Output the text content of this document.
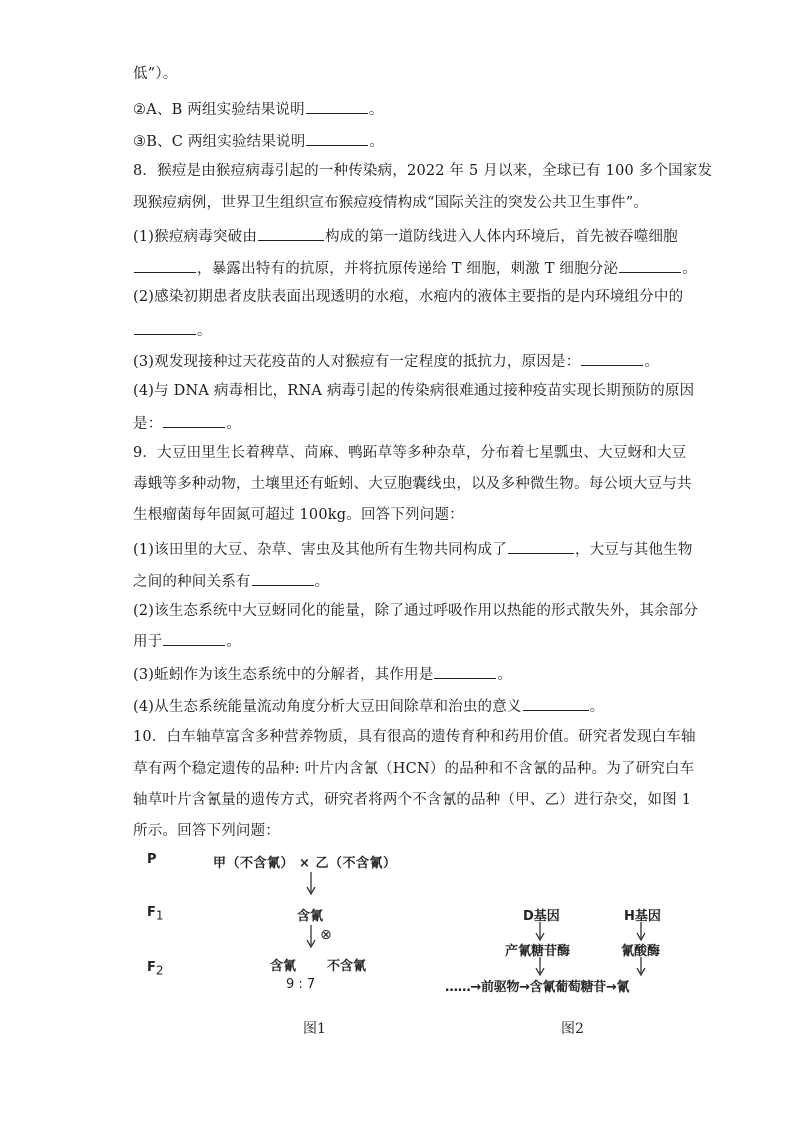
低”）。
②A、B 两组实验结果说明	。
③B、C 两组实验结果说明	。
8．猴痘是由猴痘病毒引起的一种传染病，2022 年 5 月以来，全球已有 100 多个国家发
现猴痘病例，世界卫生组织宣布猴痘疫情构成“国际关注的突发公共卫生事件”。
(1)猴痘病毒突破由	构成的第一道防线进入人体内环境后，首先被吞噬细胞
，暴露出特有的抗原，并将抗原传递给 T 细胞，刺激 T 细胞分泌	。
(2)感染初期患者皮肤表面出现透明的水疱，水疱内的液体主要指的是内环境组分中的
。
(3)观发现接种过天花疫苗的人对猴痘有一定程度的抵抗力，原因是：	。
(4)与 DNA 病毒相比，RNA 病毒引起的传染病很难通过接种疫苗实现长期预防的原因
是：	。
9．大豆田里生长着稗草、苘麻、鸭跖草等多种杂草，分布着七星瓢虫、大豆蚜和大豆
毒蛾等多种动物，土壤里还有蚯蚓、大豆胞囊线虫，以及多种微生物。每公顷大豆与共
生根瘤菌每年固氮可超过 100kg。回答下列问题：
(1)该田里的大豆、杂草、害虫及其他所有生物共同构成了	，大豆与其他生物
之间的种间关系有	。
(2)该生态系统中大豆蚜同化的能量，除了通过呼吸作用以热能的形式散失外，其余部分
用于	。
(3)蚯蚓作为该生态系统中的分解者，其作用是	。
(4)从生态系统能量流动角度分析大豆田间除草和治虫的意义	。
10．白车轴草富含多种营养物质，具有很高的遗传育种和药用价值。研究者发现白车轴
草有两个稳定遗传的品种: 叶片内含氰（HCN）的品种和不含氰的品种。为了研究白车
轴草叶片含氰量的遗传方式，研究者将两个不含氰的品种（甲、乙）进行杂交，如图 1
所示。回答下列问题：
P	甲（不含氰） × 乙（不含氰）
$F_1$	含氰
⊗
$F_2$	含氰 不含氰
9 : 7
图1
D基因	H基因
产氰糖苷酶	氰酸酶
……→前驱物→含氰葡萄糖苷→氰
图2
